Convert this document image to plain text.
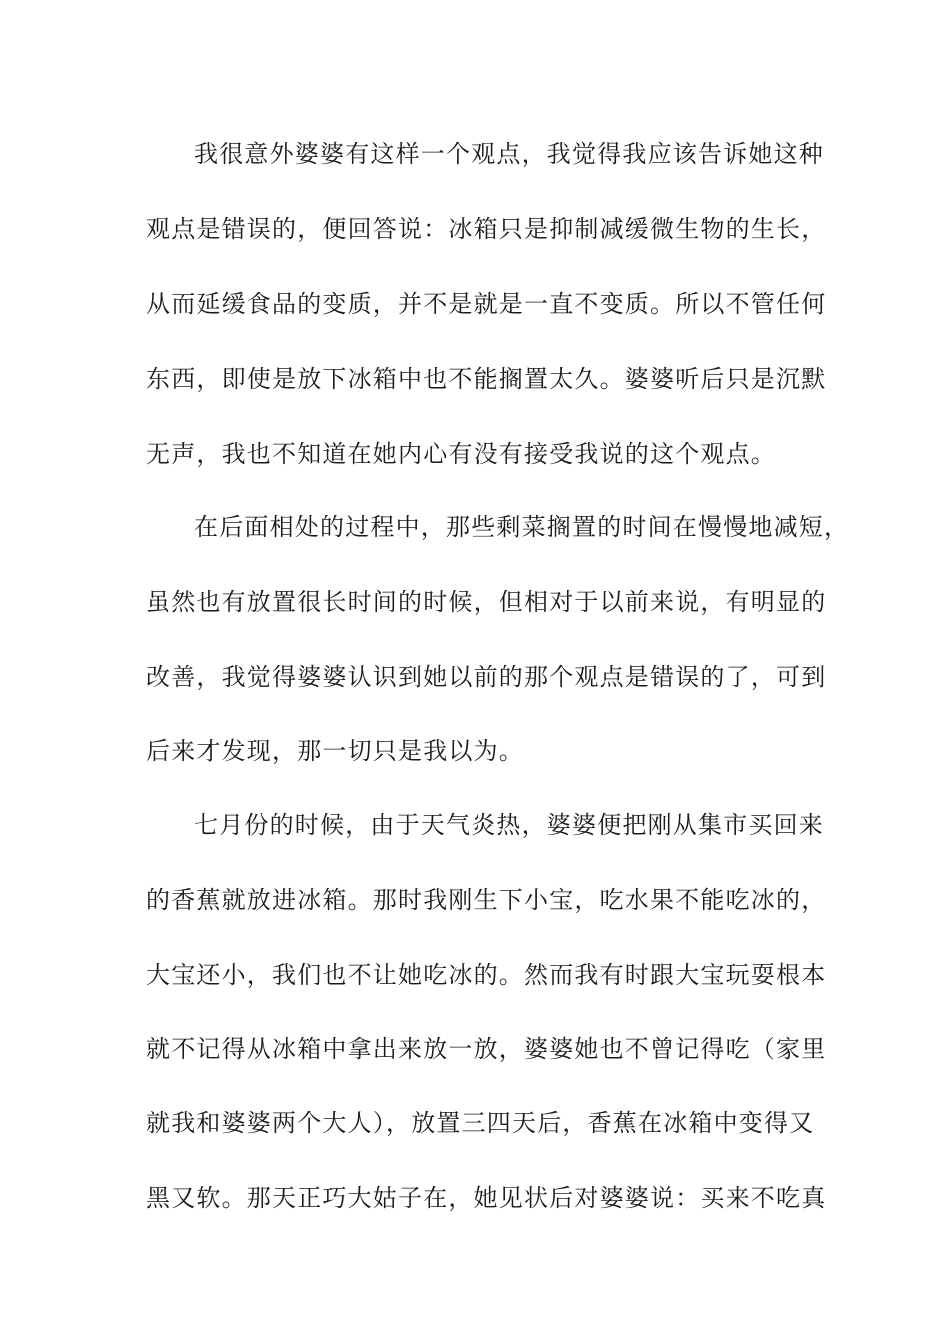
我很意外婆婆有这样一个观点，我觉得我应该告诉她这种
观点是错误的，便回答说：冰箱只是抑制减缓微生物的生长，
从而延缓食品的变质，并不是就是一直不变质。所以不管任何
东西，即使是放下冰箱中也不能搁置太久。婆婆听后只是沉默
无声，我也不知道在她内心有没有接受我说的这个观点。
在后面相处的过程中，那些剩菜搁置的时间在慢慢地减短，
虽然也有放置很长时间的时候，但相对于以前来说，有明显的
改善，我觉得婆婆认识到她以前的那个观点是错误的了，可到
后来才发现，那一切只是我以为。
七月份的时候，由于天气炎热，婆婆便把刚从集市买回来
的香蕉就放进冰箱。那时我刚生下小宝，吃水果不能吃冰的，
大宝还小，我们也不让她吃冰的。然而我有时跟大宝玩耍根本
就不记得从冰箱中拿出来放一放，婆婆她也不曾记得吃（家里
就我和婆婆两个大人），放置三四天后，香蕉在冰箱中变得又
黑又软。那天正巧大姑子在，她见状后对婆婆说：买来不吃真
